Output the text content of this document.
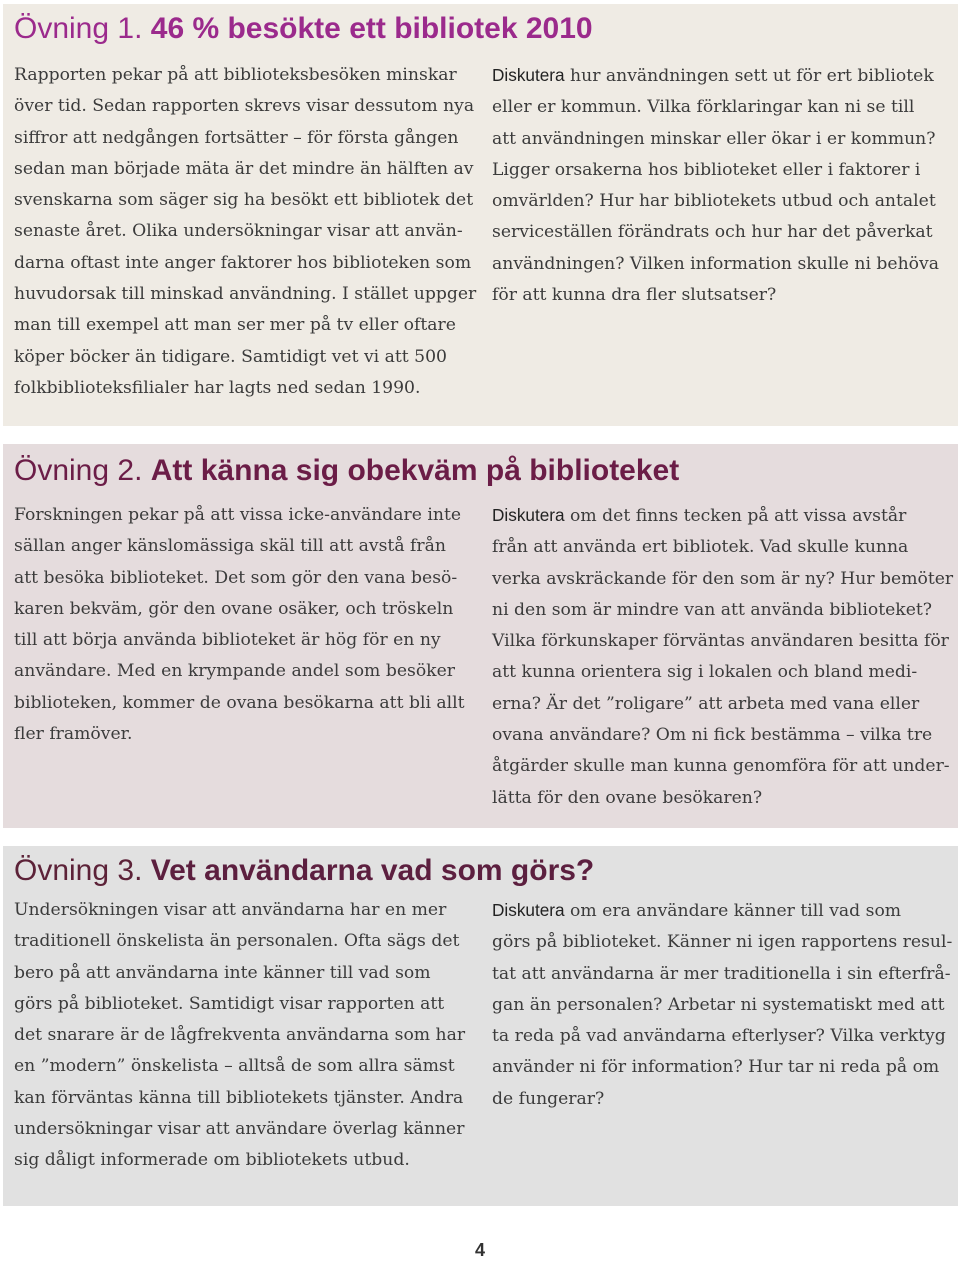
Övning 1. 46 % besökte ett bibliotek 2010
Rapporten pekar på att biblioteksbesöken minskar
över tid. Sedan rapporten skrevs visar dessutom nya
siffror att nedgången fortsätter – för första gången
sedan man började mäta är det mindre än hälften av
svenskarna som säger sig ha besökt ett bibliotek det
senaste året. Olika undersökningar visar att använ-
darna oftast inte anger faktorer hos biblioteken som
huvudorsak till minskad användning. I stället uppger
man till exempel att man ser mer på tv eller oftare
köper böcker än tidigare. Samtidigt vet vi att 500
folkbiblioteksfilialer har lagts ned sedan 1990.
Diskutera hur användningen sett ut för ert bibliotek
eller er kommun. Vilka förklaringar kan ni se till
att användningen minskar eller ökar i er kommun?
Ligger orsakerna hos biblioteket eller i faktorer i
omvärlden? Hur har bibliotekets utbud och antalet
serviceställen förändrats och hur har det påverkat
användningen? Vilken information skulle ni behöva
för att kunna dra fler slutsatser?
Övning 2. Att känna sig obekväm på biblioteket
Forskningen pekar på att vissa icke-användare inte
sällan anger känslomässiga skäl till att avstå från
att besöka biblioteket. Det som gör den vana besö-
karen bekväm, gör den ovane osäker, och tröskeln
till att börja använda biblioteket är hög för en ny
användare. Med en krympande andel som besöker
biblioteken, kommer de ovana besökarna att bli allt
fler framöver.
Diskutera om det finns tecken på att vissa avstår
från att använda ert bibliotek. Vad skulle kunna
verka avskräckande för den som är ny? Hur bemöter
ni den som är mindre van att använda biblioteket?
Vilka förkunskaper förväntas användaren besitta för
att kunna orientera sig i lokalen och bland medi-
erna? Är det ”roligare” att arbeta med vana eller
ovana användare? Om ni fick bestämma – vilka tre
åtgärder skulle man kunna genomföra för att under-
lätta för den ovane besökaren?
Övning 3. Vet användarna vad som görs?
Undersökningen visar att användarna har en mer
traditionell önskelista än personalen. Ofta sägs det
bero på att användarna inte känner till vad som
görs på biblioteket. Samtidigt visar rapporten att
det snarare är de lågfrekventa användarna som har
en ”modern” önskelista – alltså de som allra sämst
kan förväntas känna till bibliotekets tjänster. Andra
undersökningar visar att användare överlag känner
sig dåligt informerade om bibliotekets utbud.
Diskutera om era användare känner till vad som
görs på biblioteket. Känner ni igen rapportens resul-
tat att användarna är mer traditionella i sin efterfrå-
gan än personalen? Arbetar ni systematiskt med att
ta reda på vad användarna efterlyser? Vilka verktyg
använder ni för information? Hur tar ni reda på om
de fungerar?
4
